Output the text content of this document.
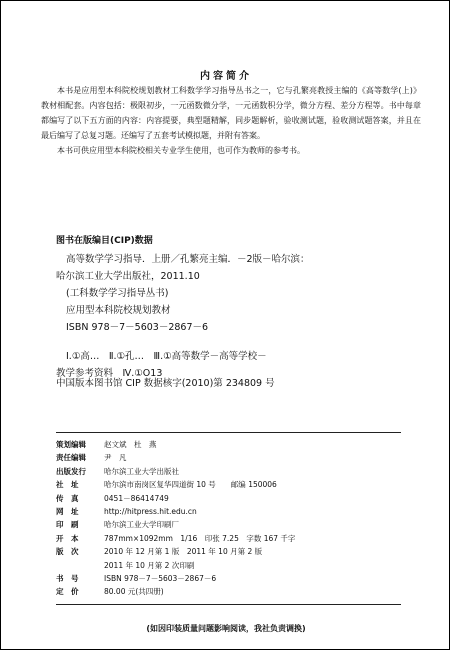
内容简介

本书是应用型本科院校规划教材工科数学学习指导丛书之一，它与孔繁亮教授主编的《高等数学(上)》教材相配套。内容包括：极限初步，一元函数微分学，一元函数积分学，微分方程、差分方程等。书中每章都编写了以下五方面的内容：内容提要，典型题精解，同步题解析，验收测试题，验收测试题答案，并且在最后编写了总复习题。还编写了五套考试模拟题，并附有答案。

本书可供应用型本科院校相关专业学生使用，也可作为教师的参考书。

图书在版编目(CIP)数据
高等数学学习指导．上册／孔繁亮主编．－2版－哈尔滨：
哈尔滨工业大学出版社，2011.10
(工科数学学习指导丛书)
应用型本科院校规划教材
ISBN 978－7－5603－2867－6
Ⅰ.①高…　Ⅱ.①孔…　Ⅲ.①高等数学－高等学校－
教学参考资料　Ⅳ.①O13
中国版本图书馆 CIP 数据核字(2010)第 234809 号
策划编辑	赵文斌　杜　燕
责任编辑	尹　凡
出版发行	哈尔滨工业大学出版社
社　址	哈尔滨市南岗区复华四道街 10 号　　邮编 150006
传　真	0451－86414749
网　址	http://hitpress.hit.edu.cn
印　刷	哈尔滨工业大学印刷厂
开　本	787mm×1092mm　1/16　印张 7.25　字数 167 千字
版　次	2010 年 12 月第 1 版　2011 年 10 月第 2 版
2011 年 10 月第 2 次印刷
书　号	ISBN 978－7－5603－2867－6
定　价	80.00 元(共四册)
(如因印装质量问题影响阅读，我社负责调换)
